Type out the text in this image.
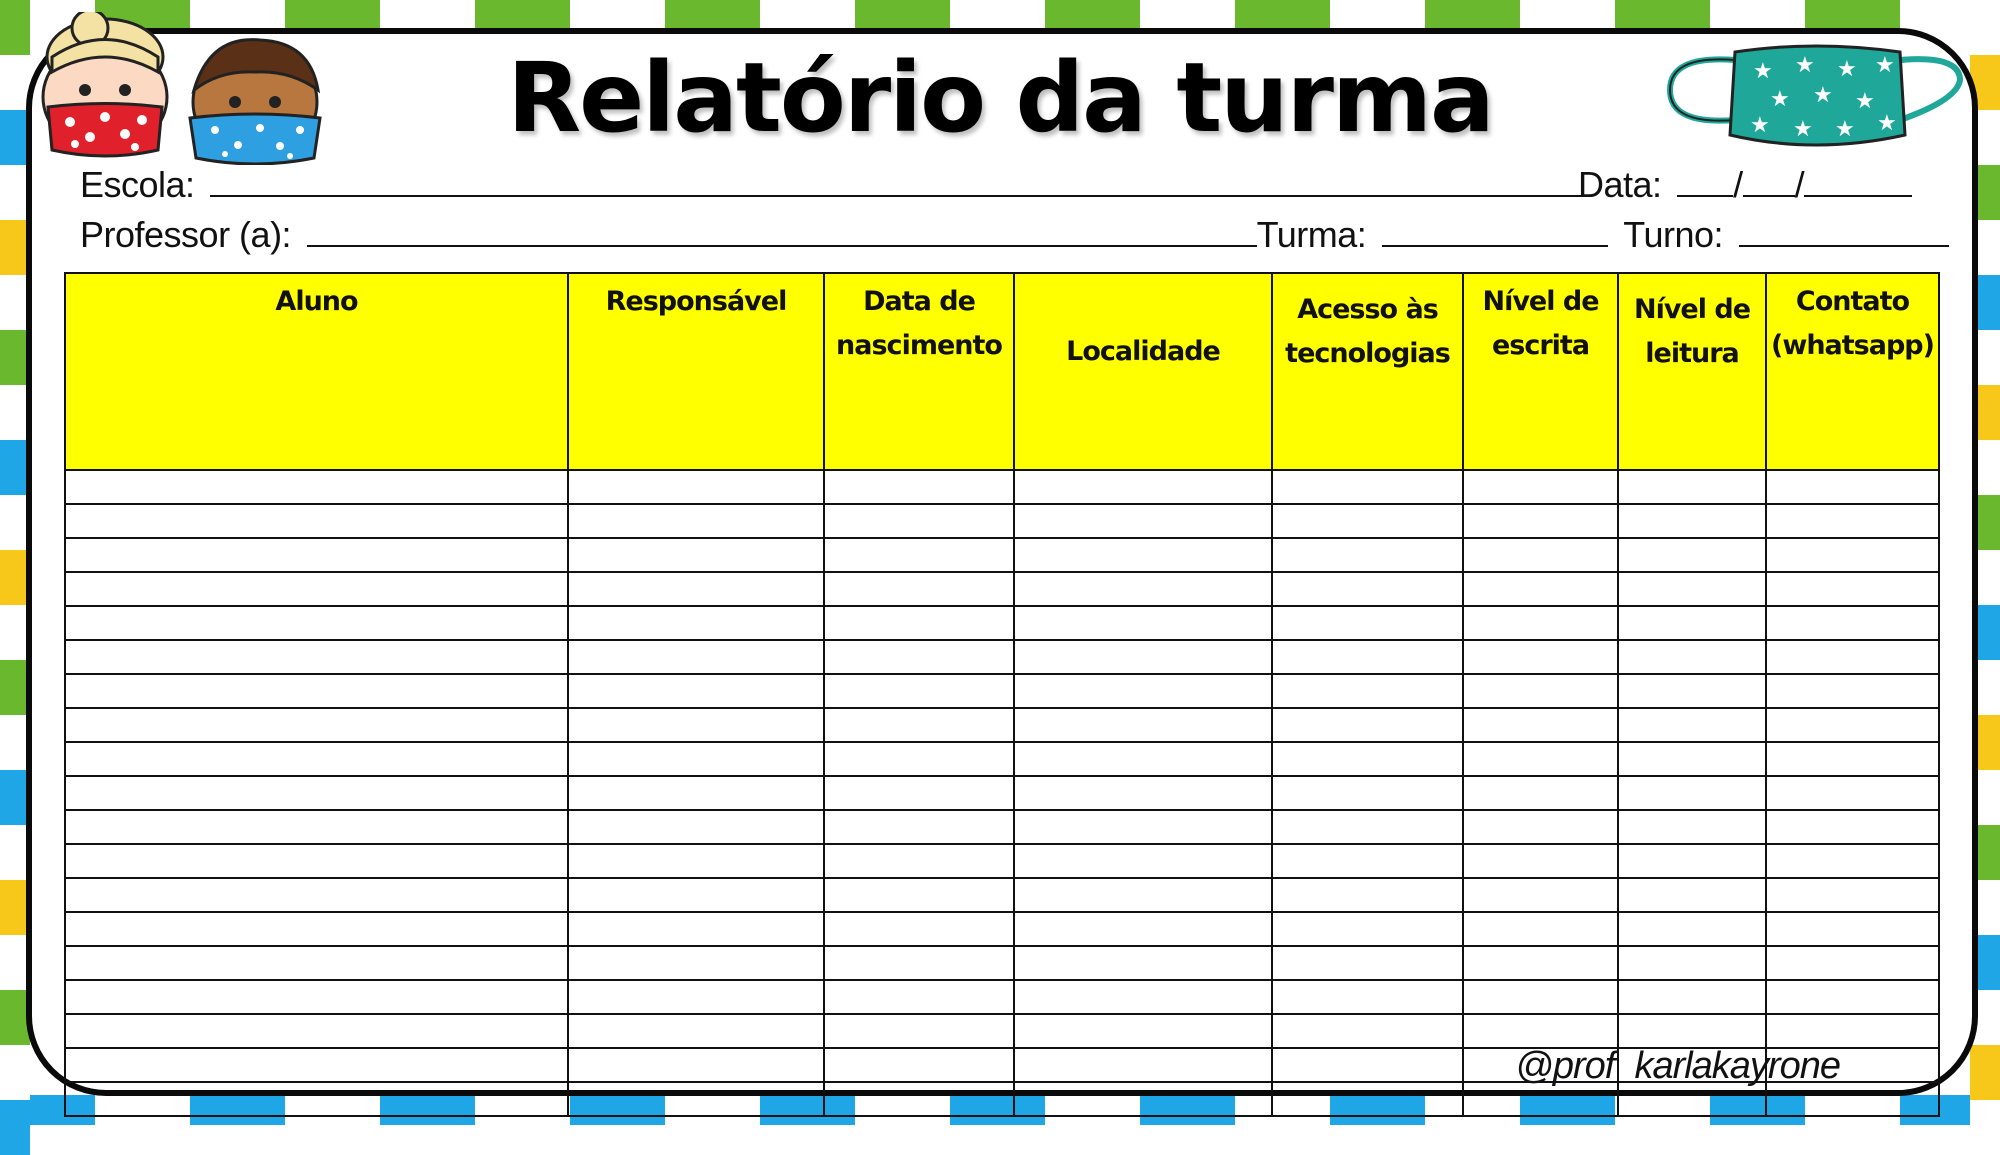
★ ★ ★ ★
★ ★ ★
★ ★ ★ ★
Relatório da turma
Escola:	Data: / /
Professor (a):	Turma:	Turno:
Aluno	Responsável	Data de nascimento	Localidade	Acesso às tecnologias	Nível de escrita	Nível de leitura	Contato (whatsapp)

@prof_karlakayrone
